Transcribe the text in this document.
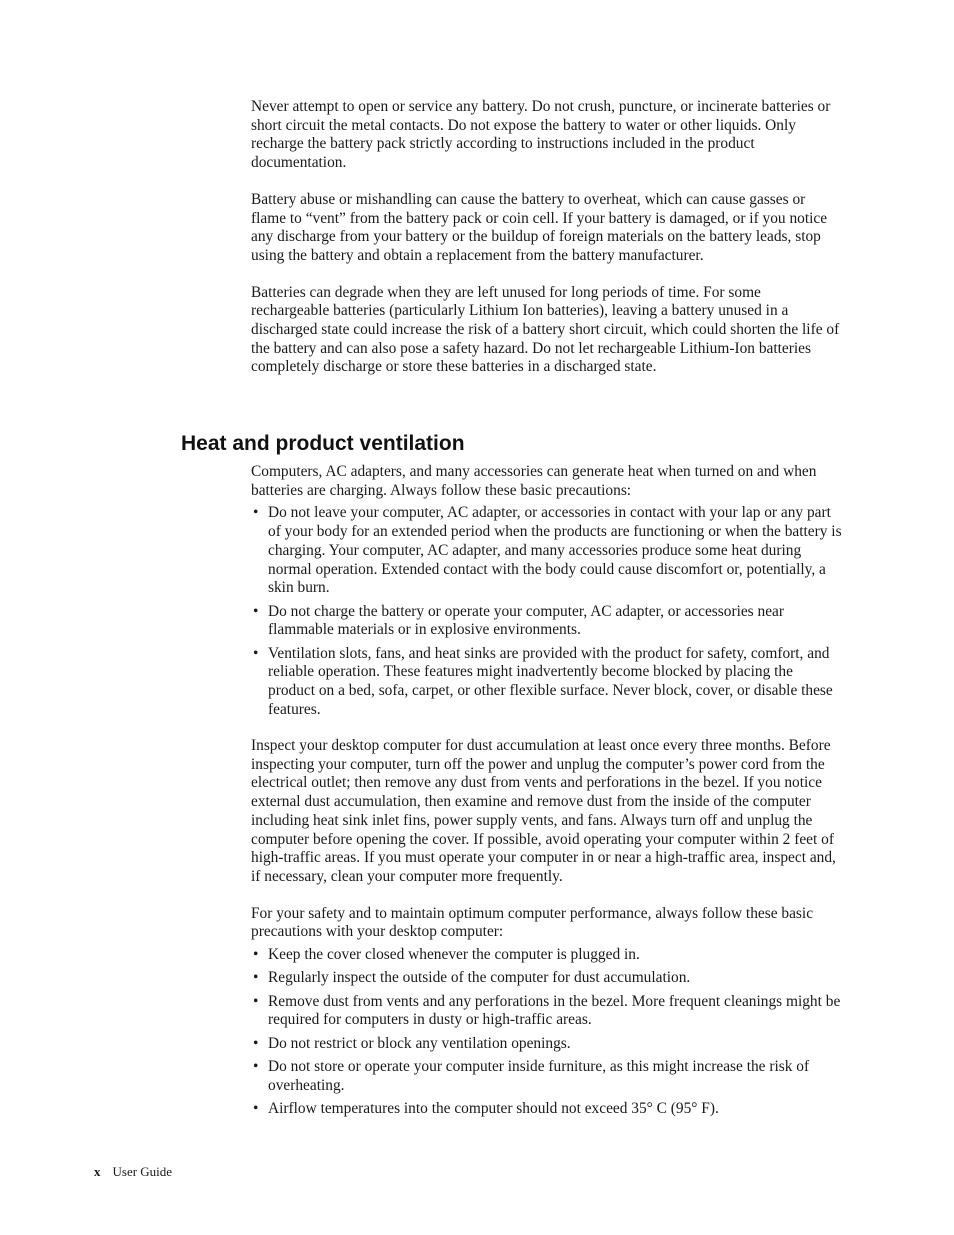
Never attempt to open or service any battery. Do not crush, puncture, or incinerate batteries or short circuit the metal contacts. Do not expose the battery to water or other liquids. Only recharge the battery pack strictly according to instructions included in the product documentation.

Battery abuse or mishandling can cause the battery to overheat, which can cause gasses or flame to “vent” from the battery pack or coin cell. If your battery is damaged, or if you notice any discharge from your battery or the buildup of foreign materials on the battery leads, stop using the battery and obtain a replacement from the battery manufacturer.

Batteries can degrade when they are left unused for long periods of time. For some rechargeable batteries (particularly Lithium Ion batteries), leaving a battery unused in a discharged state could increase the risk of a battery short circuit, which could shorten the life of the battery and can also pose a safety hazard. Do not let rechargeable Lithium-Ion batteries completely discharge or store these batteries in a discharged state.

Heat and product ventilation

Computers, AC adapters, and many accessories can generate heat when turned on and when batteries are charging. Always follow these basic precautions:

• Do not leave your computer, AC adapter, or accessories in contact with your lap or any part of your body for an extended period when the products are functioning or when the battery is charging. Your computer, AC adapter, and many accessories produce some heat during normal operation. Extended contact with the body could cause discomfort or, potentially, a skin burn.
• Do not charge the battery or operate your computer, AC adapter, or accessories near flammable materials or in explosive environments.
• Ventilation slots, fans, and heat sinks are provided with the product for safety, comfort, and reliable operation. These features might inadvertently become blocked by placing the product on a bed, sofa, carpet, or other flexible surface. Never block, cover, or disable these features.

Inspect your desktop computer for dust accumulation at least once every three months. Before inspecting your computer, turn off the power and unplug the computer’s power cord from the electrical outlet; then remove any dust from vents and perforations in the bezel. If you notice external dust accumulation, then examine and remove dust from the inside of the computer including heat sink inlet fins, power supply vents, and fans. Always turn off and unplug the computer before opening the cover. If possible, avoid operating your computer within 2 feet of high-traffic areas. If you must operate your computer in or near a high-traffic area, inspect and, if necessary, clean your computer more frequently.

For your safety and to maintain optimum computer performance, always follow these basic precautions with your desktop computer:

• Keep the cover closed whenever the computer is plugged in.
• Regularly inspect the outside of the computer for dust accumulation.
• Remove dust from vents and any perforations in the bezel. More frequent cleanings might be required for computers in dusty or high-traffic areas.
• Do not restrict or block any ventilation openings.
• Do not store or operate your computer inside furniture, as this might increase the risk of overheating.
• Airflow temperatures into the computer should not exceed 35° C (95° F).
x User Guide
